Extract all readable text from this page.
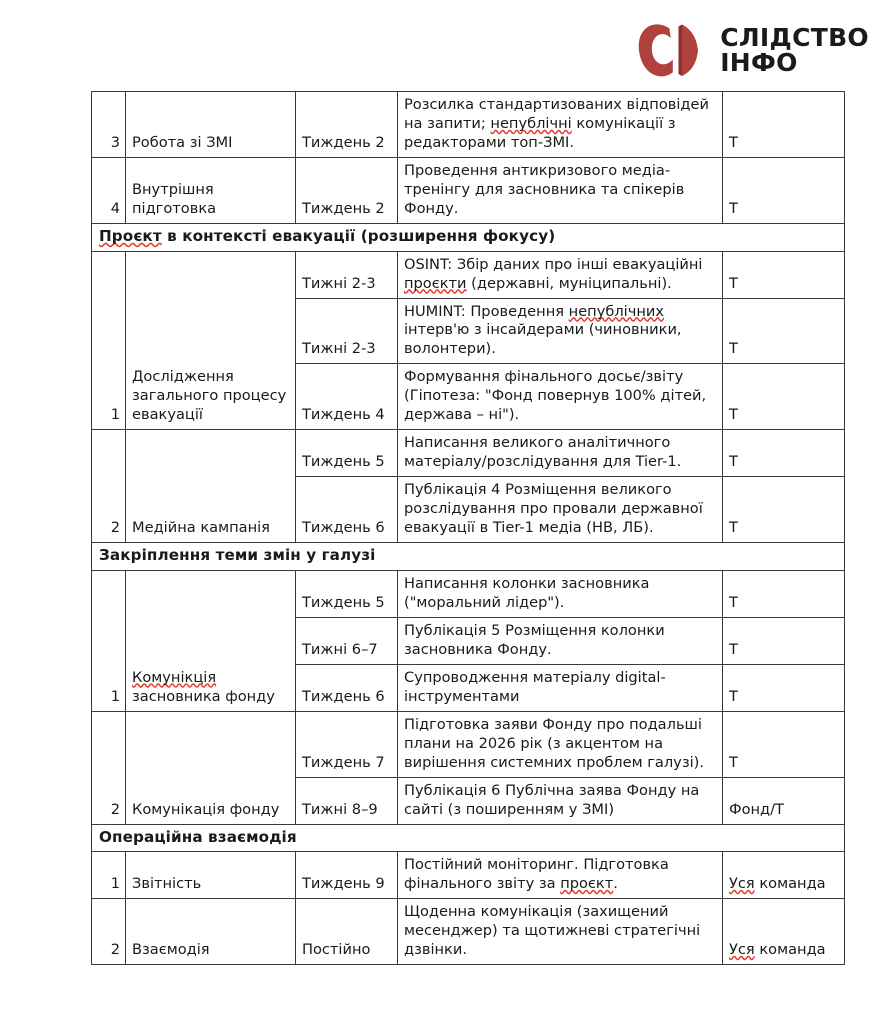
СЛІДСТВО
ІНФО
3	Робота зі ЗМІ	Тиждень 2	Розсилка стандартизованих відповідей на запити; непублічні комунікації з редакторами топ-ЗМІ.	Т

4	Внутрішня підготовка	Тиждень 2	Проведення антикризового медіа-тренінгу для засновника та спікерів Фонду.	Т

Проєкт в контексті евакуації (розширення фокусу)				

1	Дослідження загального процесу евакуації	Тижні 2-3	OSINT: Збір даних про інші евакуаційні проєкти (державні, муніципальні).	Т

		Тижні 2-3	HUMINT: Проведення непублічних інтерв'ю з інсайдерами (чиновники, волонтери).	Т

		Тиждень 4	Формування фінального досьє/звіту (Гіпотеза: "Фонд повернув 100% дітей, держава – ні").	Т

2	Медійна кампанія	Тиждень 5	Написання великого аналітичного матеріалу/розслідування для Tier-1.	Т

		Тиждень 6	Публікація 4 Розміщення великого розслідування про провали державної евакуації в Tier-1 медіа (НВ, ЛБ).	Т

Закріплення теми змін у галузі				

1	Комунікція засновника фонду	Тиждень 5	Написання колонки засновника ("моральний лідер").	Т

		Тижні 6–7	Публікація 5 Розміщення колонки засновника Фонду.	Т

		Тиждень 6	Супроводження матеріалу digital-інструментами	Т

2	Комунікація фонду	Тиждень 7	Підготовка заяви Фонду про подальші плани на 2026 рік (з акцентом на вирішення системних проблем галузі).	Т

		Тижні 8–9	Публікація 6 Публічна заява Фонду на сайті (з поширенням у ЗМІ)	Фонд/Т

Операційна взаємодія				

1	Звітність	Тиждень 9	Постійний моніторинг. Підготовка фінального звіту за проєкт.	Уся команда

2	Взаємодія	Постійно	Щоденна комунікація (захищений месенджер) та щотижневі стратегічні дзвінки.	Уся команда
